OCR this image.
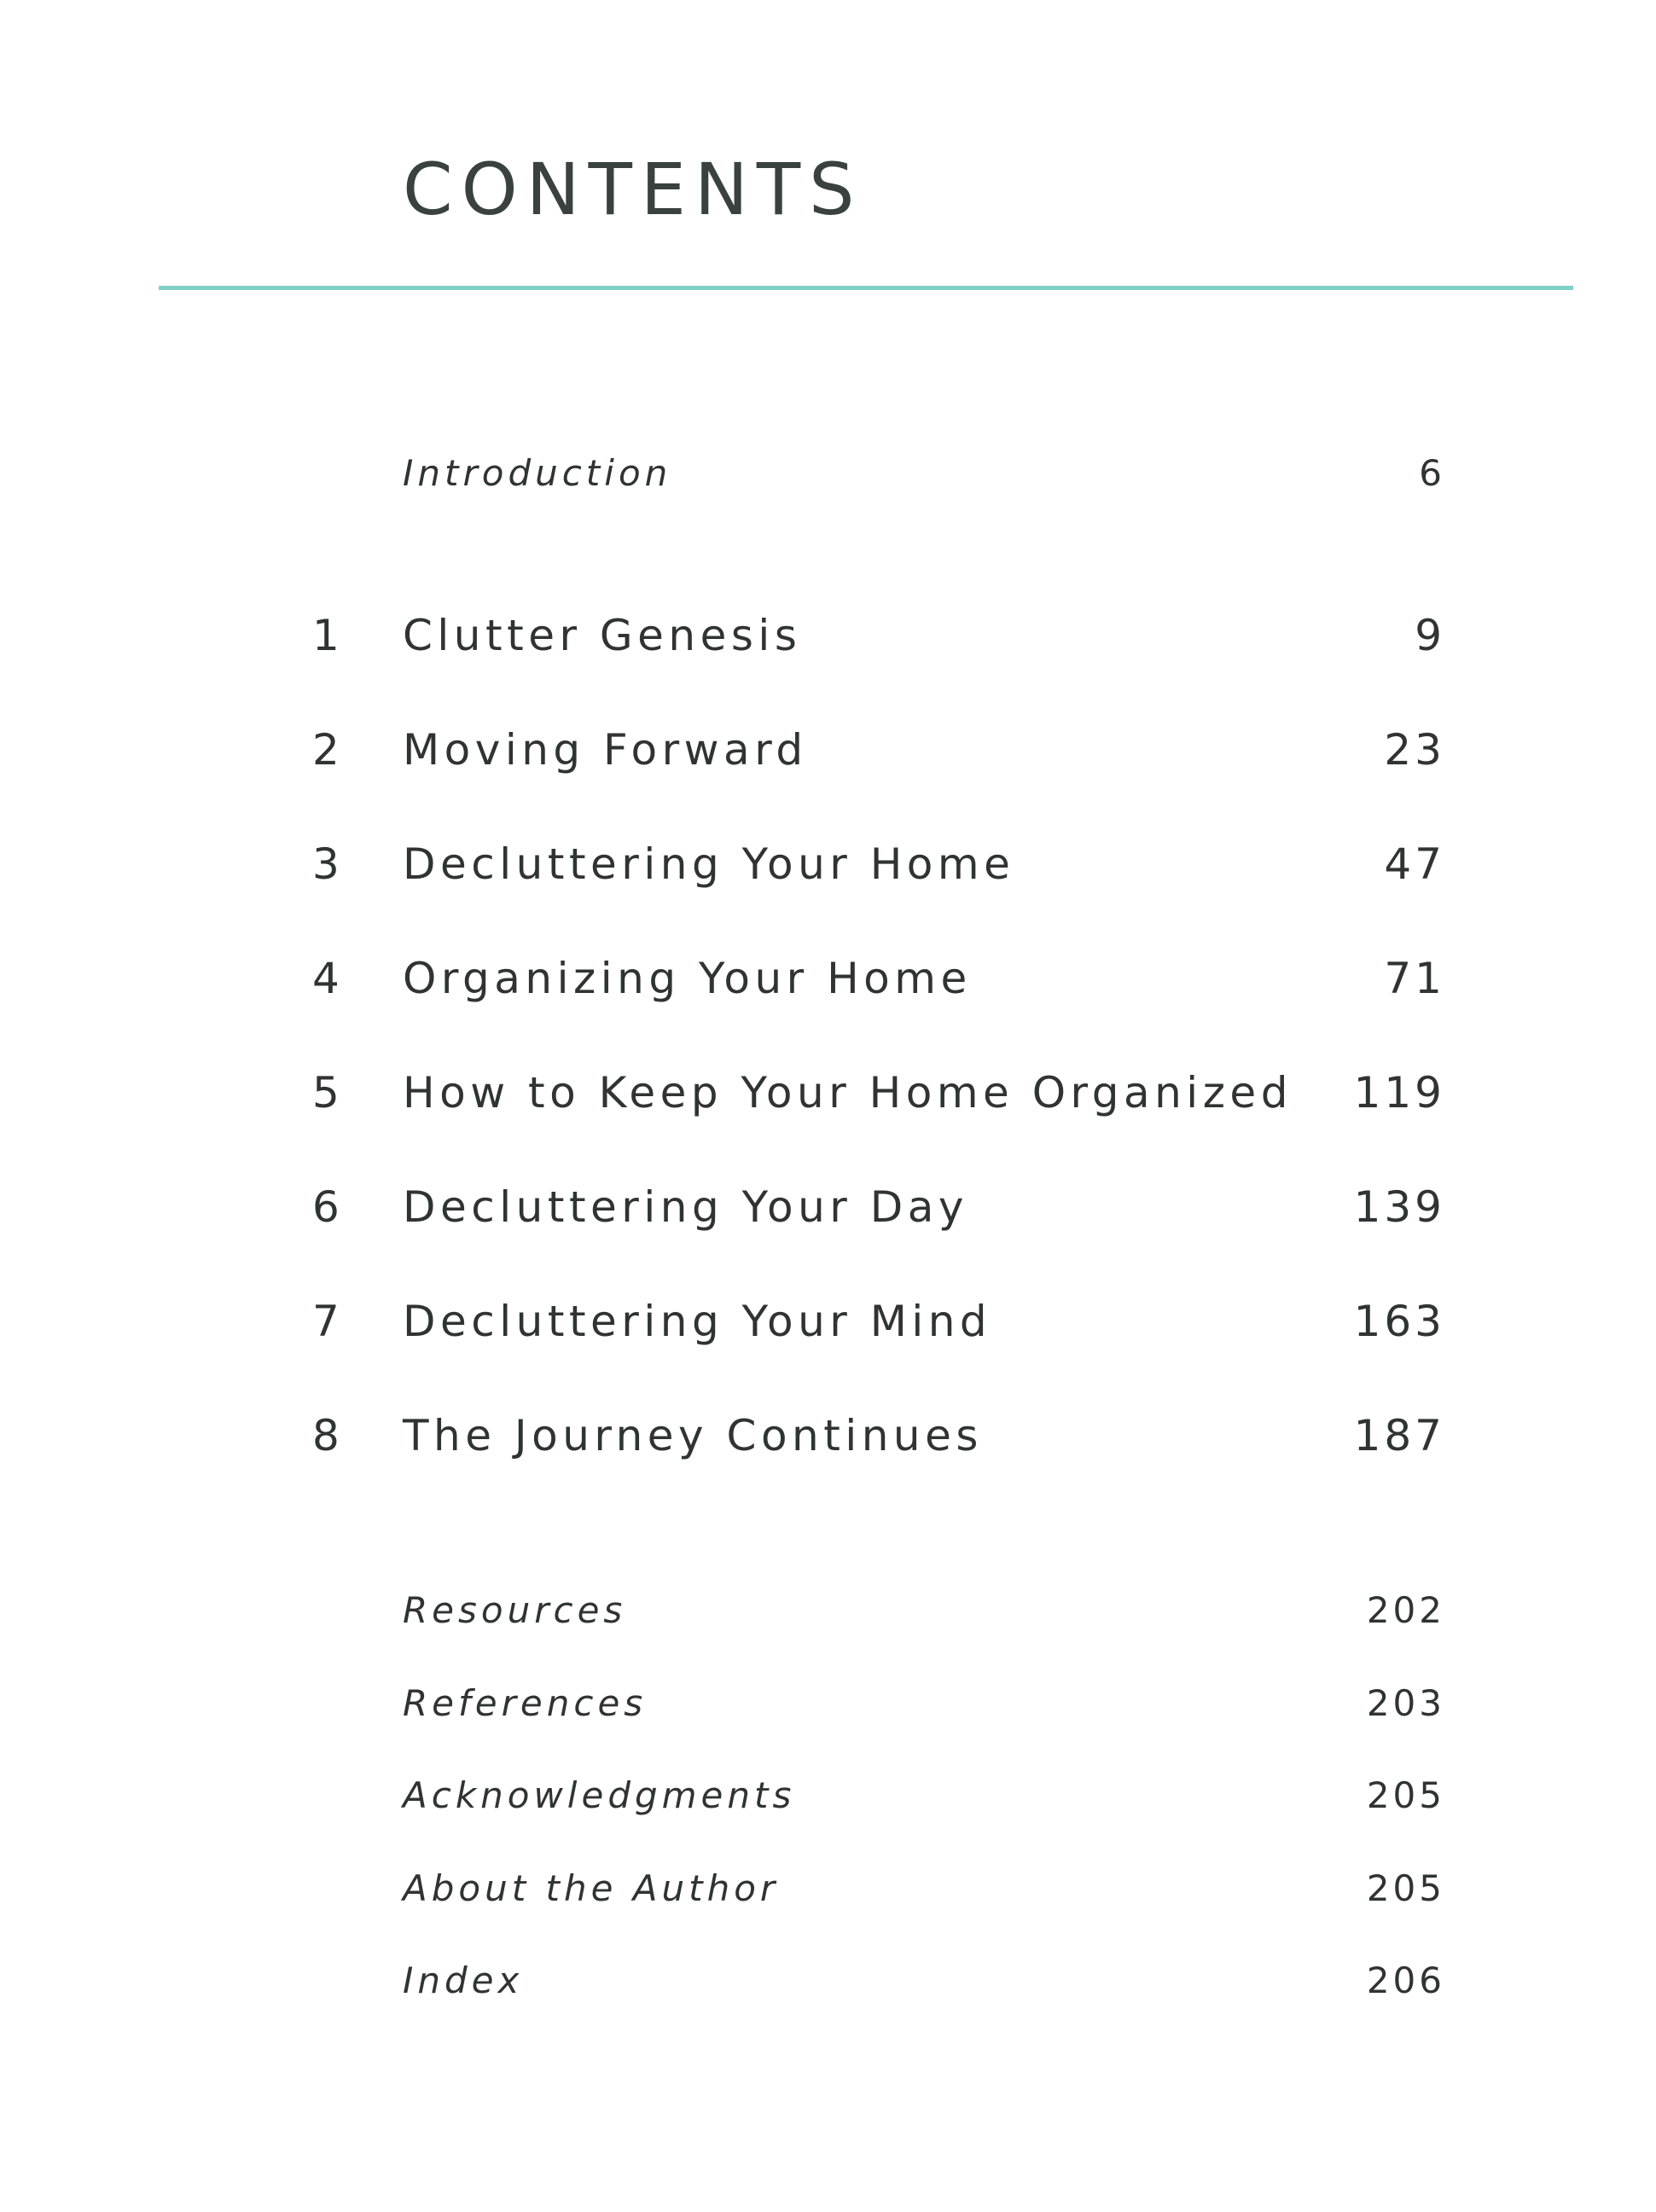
CONTENTS
Introduction	6
1 Clutter Genesis	9
2 Moving Forward	23
3 Decluttering Your Home	47
4 Organizing Your Home	71
5 How to Keep Your Home Organized 119
6 Decluttering Your Day	139
7 Decluttering Your Mind	163
8 The Journey Continues	187
Resources	202
References	203
Acknowledgments	205
About the Author	205
Index	206
